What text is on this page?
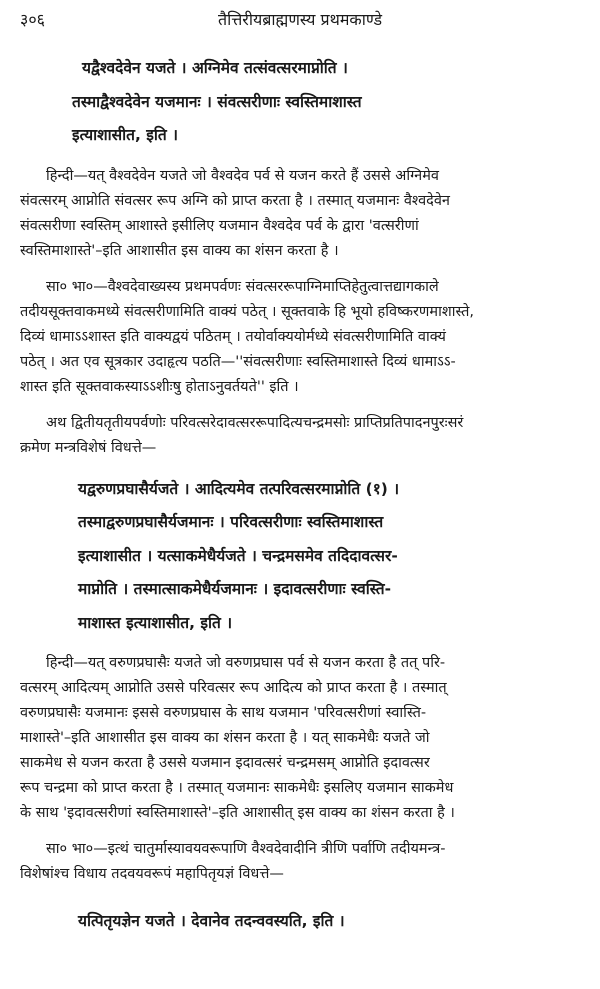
३०६	तैत्तिरीयब्राह्मणस्य प्रथमकाण्डे
यद्वैश्वदेवेन यजते । अग्निमेव तत्संवत्सरमाप्नोति ।
तस्माद्वैश्वदेवेन यजमानः । संवत्सरीणाः स्वस्तिमाशास्त
इत्याशासीत, इति ।
हिन्दी—यत् वैश्वदेवेन यजते जो वैश्वदेव पर्व से यजन करते हैं उससे अग्निमेव
संवत्सरम् आप्नोति संवत्सर रूप अग्नि को प्राप्त करता है । तस्मात् यजमानः वैश्वदेवेन
संवत्सरीणा स्वस्तिम् आशास्ते इसीलिए यजमान वैश्वदेव पर्व के द्वारा 'वत्सरीणां
स्वस्तिमाशास्ते'–इति आशासीत इस वाक्य का शंसन करता है ।
सा० भा०—वैश्वदेवाख्यस्य प्रथमपर्वणः संवत्सररूपाग्निमाप्तिहेतुत्वात्तद्यागकाले
तदीयसूक्तवाकमध्ये संवत्सरीणामिति वाक्यं पठेत् । सूक्तवाके हि भूयो हविष्करणमाशास्ते,
दिव्यं धामाऽऽशास्त इति वाक्यद्वयं पठितम् । तयोर्वाक्ययोर्मध्ये संवत्सरीणामिति वाक्यं
पठेत् । अत एव सूत्रकार उदाहृत्य पठति—''संवत्सरीणाः स्वस्तिमाशास्ते दिव्यं धामाऽऽ-
शास्त इति सूक्तवाकस्याऽऽशीःषु होताऽनुवर्तयते'' इति ।
अथ द्वितीयतृतीयपर्वणोः परिवत्सरेदावत्सररूपादित्यचन्द्रमसोः प्राप्तिप्रतिपादनपुरःसरं
क्रमेण मन्त्रविशेषं विधत्ते—
यद्वरुणप्रघासैर्यजते । आदित्यमेव तत्परिवत्सरमाप्नोति (१) ।
तस्माद्वरुणप्रघासैर्यजमानः । परिवत्सरीणाः स्वस्तिमाशास्त
इत्याशासीत । यत्साकमेधैर्यजते । चन्द्रमसमेव तदिदावत्सर-
माप्नोति । तस्मात्साकमेधैर्यजमानः । इदावत्सरीणाः स्वस्ति-
माशास्त इत्याशासीत, इति ।
हिन्दी—यत् वरुणप्रघासैः यजते जो वरुणप्रघास पर्व से यजन करता है तत् परि-
वत्सरम् आदित्यम् आप्नोति उससे परिवत्सर रूप आदित्य को प्राप्त करता है । तस्मात्
वरुणप्रघासैः यजमानः इससे वरुणप्रघास के साथ यजमान 'परिवत्सरीणां स्वास्ति-
माशास्ते'–इति आशासीत इस वाक्य का शंसन करता है । यत् साकमेधैः यजते जो
साकमेध से यजन करता है उससे यजमान इदावत्सरं चन्द्रमसम् आप्नोति इदावत्सर
रूप चन्द्रमा को प्राप्त करता है । तस्मात् यजमानः साकमेधैः इसलिए यजमान साकमेध
के साथ 'इदावत्सरीणां स्वस्तिमाशास्ते'–इति आशासीत् इस वाक्य का शंसन करता है ।
सा० भा०—इत्थं चातुर्मास्यावयवरूपाणि वैश्वदेवादीनि त्रीणि पर्वाणि तदीयमन्त्र-
विशेषांश्च विधाय तदवयवरूपं महापितृयज्ञं विधत्ते—
यत्पितृयज्ञेन यजते । देवानेव तदन्ववस्यति, इति ।
